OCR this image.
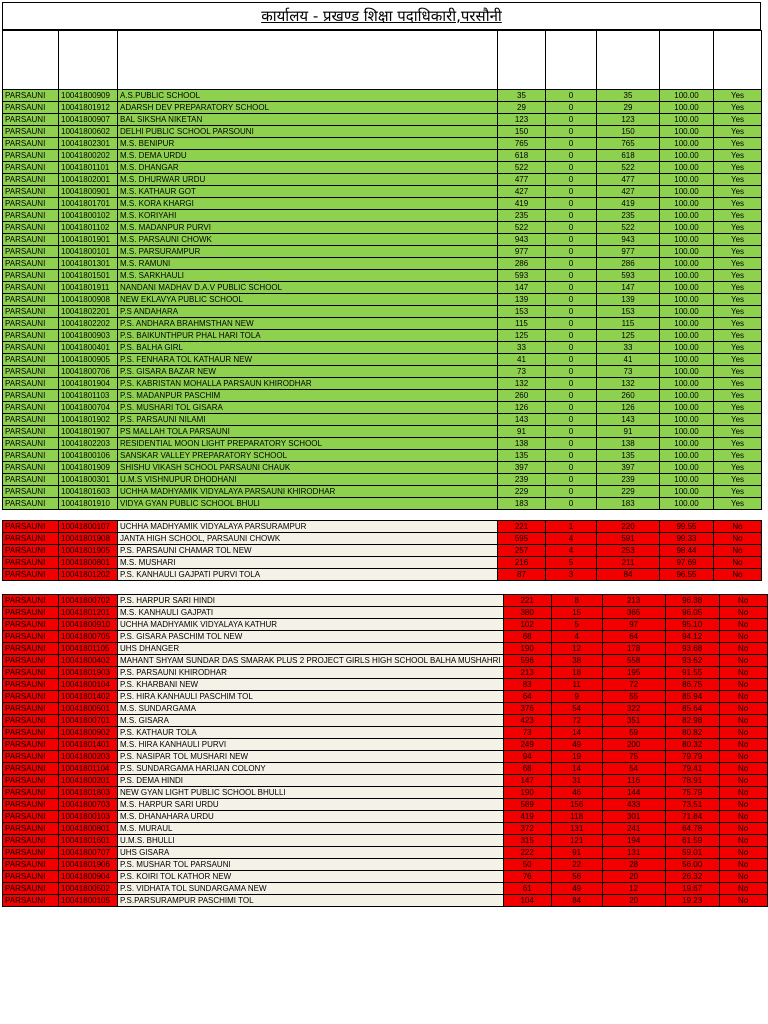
कार्यालय - प्रखण्ड शिक्षा पदाधिकारी,परसौनी

PARSAUNI	10041800909	A.S.PUBLIC SCHOOL	35	0	35	100.00	Yes
PARSAUNI	10041801912	ADARSH DEV PREPARATORY SCHOOL	29	0	29	100.00	Yes
PARSAUNI	10041800907	BAL SIKSHA NIKETAN	123	0	123	100.00	Yes
PARSAUNI	10041800602	DELHI PUBLIC SCHOOL PARSOUNI	150	0	150	100.00	Yes
PARSAUNI	10041802301	M.S. BENIPUR	765	0	765	100.00	Yes
PARSAUNI	10041800202	M.S. DEMA URDU	618	0	618	100.00	Yes
PARSAUNI	10041801101	M.S. DHANGAR	522	0	522	100.00	Yes
PARSAUNI	10041802001	M.S. DHURWAR URDU	477	0	477	100.00	Yes
PARSAUNI	10041800901	M.S. KATHAUR GOT	427	0	427	100.00	Yes
PARSAUNI	10041801701	M.S. KORA KHARGI	419	0	419	100.00	Yes
PARSAUNI	10041800102	M.S. KORIYAHI	235	0	235	100.00	Yes
PARSAUNI	10041801102	M.S. MADANPUR PURVI	522	0	522	100.00	Yes
PARSAUNI	10041801901	M.S. PARSAUNI CHOWK	943	0	943	100.00	Yes
PARSAUNI	10041800101	M.S. PARSURAMPUR	977	0	977	100.00	Yes
PARSAUNI	10041801301	M.S. RAMUNI	286	0	286	100.00	Yes
PARSAUNI	10041801501	M.S. SARKHAULI	593	0	593	100.00	Yes
PARSAUNI	10041801911	NANDANI MADHAV D.A.V PUBLIC SCHOOL	147	0	147	100.00	Yes
PARSAUNI	10041800908	NEW EKLAVYA PUBLIC SCHOOL	139	0	139	100.00	Yes
PARSAUNI	10041802201	P.S ANDAHARA	153	0	153	100.00	Yes
PARSAUNI	10041802202	P.S. ANDHARA BRAHMSTHAN NEW	115	0	115	100.00	Yes
PARSAUNI	10041800903	P.S. BAIKUNTHPUR PHAL HARI TOLA	125	0	125	100.00	Yes
PARSAUNI	10041800401	P.S. BALHA GIRL	33	0	33	100.00	Yes
PARSAUNI	10041800905	P.S. FENHARA TOL KATHAUR NEW	41	0	41	100.00	Yes
PARSAUNI	10041800706	P.S. GISARA BAZAR NEW	73	0	73	100.00	Yes
PARSAUNI	10041801904	P.S. KABRISTAN MOHALLA PARSAUN KHIRODHAR	132	0	132	100.00	Yes
PARSAUNI	10041801103	P.S. MADANPUR PASCHIM	260	0	260	100.00	Yes
PARSAUNI	10041800704	P.S. MUSHARI TOL GISARA	126	0	126	100.00	Yes
PARSAUNI	10041801902	P.S. PARSAUNI NILAMI	143	0	143	100.00	Yes
PARSAUNI	10041801907	PS MALLAH TOLA PARSAUNI	91	0	91	100.00	Yes
PARSAUNI	10041802203	RESIDENTIAL MOON LIGHT PREPARATORY SCHOOL	138	0	138	100.00	Yes
PARSAUNI	10041800106	SANSKAR VALLEY PREPARATORY SCHOOL	135	0	135	100.00	Yes
PARSAUNI	10041801909	SHISHU VIKASH SCHOOL PARSAUNI CHAUK	397	0	397	100.00	Yes
PARSAUNI	10041800301	U.M.S VISHNUPUR DHODHANI	239	0	239	100.00	Yes
PARSAUNI	10041801603	UCHHA MADHYAMIK VIDYALAYA PARSAUNI KHIRODHAR	229	0	229	100.00	Yes
PARSAUNI	10041801910	VIDYA GYAN PUBLIC SCHOOL BHULI	183	0	183	100.00	Yes
PARSAUNI	10041800107	UCHHA MADHYAMIK VIDYALAYA PARSURAMPUR	221	1	220	99.55	No
PARSAUNI	10041801908	JANTA HIGH SCHOOL, PARSAUNI CHOWK	595	4	591	99.33	No
PARSAUNI	10041801905	P.S. PARSAUNI CHAMAR TOL NEW	257	4	253	98.44	No
PARSAUNI	10041800801	M.S. MUSHARI	216	5	211	97.69	No
PARSAUNI	10041801202	P.S. KANHAULI GAJPATI PURVI TOLA	87	3	84	96.55	No
PARSAUNI	10041800702	P.S. HARPUR SARI HINDI	221	8	213	96.38	No
PARSAUNI	10041801201	M.S. KANHAULI GAJPATI	380	15	365	96.05	No
PARSAUNI	10041800910	UCHHA MADHYAMIK VIDYALAYA KATHUR	102	5	97	95.10	No
PARSAUNI	10041800705	P.S. GISARA PASCHIM TOL NEW	68	4	64	94.12	No
PARSAUNI	10041801105	UHS DHANGER	190	12	178	93.68	No
PARSAUNI	10041800402	MAHANT SHYAM SUNDAR DAS SMARAK PLUS 2 PROJECT GIRLS HIGH SCHOOL BALHA MUSHAHRI	596	38	558	93.62	No
PARSAUNI	10041801903	P.S. PARSAUNI KHIRODHAR	213	18	195	91.55	No
PARSAUNI	10041800104	P.S. KHARBANI NEW	83	11	72	86.75	No
PARSAUNI	10041801402	P.S. HIRA KANHAULI PASCHIM TOL	64	9	55	85.94	No
PARSAUNI	10041800501	M.S. SUNDARGAMA	376	54	322	85.64	No
PARSAUNI	10041800701	M.S. GISARA	423	72	351	82.98	No
PARSAUNI	10041800902	P.S. KATHAUR TOLA	73	14	59	80.82	No
PARSAUNI	10041801401	M.S. HIRA KANHAULI PURVI	249	49	200	80.32	No
PARSAUNI	10041800203	P.S. NASIPAR TOL MUSHARI NEW	94	19	75	79.79	No
PARSAUNI	10041801104	P.S. SUNDARGAMA HARIJAN COLONY	68	14	54	79.41	No
PARSAUNI	10041800201	P.S. DEMA HINDI	147	31	116	78.91	No
PARSAUNI	10041801803	NEW GYAN LIGHT PUBLIC SCHOOL BHULLI	190	46	144	75.79	No
PARSAUNI	10041800703	M.S. HARPUR SARI URDU	589	156	433	73.51	No
PARSAUNI	10041800103	M.S. DHANAHARA URDU	419	118	301	71.84	No
PARSAUNI	10041800801	M.S. MURAUL	372	131	241	64.78	No
PARSAUNI	10041801601	U.M.S. BHULLI	315	121	194	61.59	No
PARSAUNI	10041800707	UHS GISARA	222	91	131	59.01	No
PARSAUNI	10041801906	P.S. MUSHAR TOL PARSAUNI	50	22	28	56.00	No
PARSAUNI	10041800904	P.S. KOIRI TOL KATHOR NEW	76	56	20	26.32	No
PARSAUNI	10041800502	P.S. VIDHATA TOL SUNDARGAMA NEW	61	49	12	19.67	No
PARSAUNI	10041800105	P.S.PARSURAMPUR PASCHIMI TOL	104	84	20	19.23	No
